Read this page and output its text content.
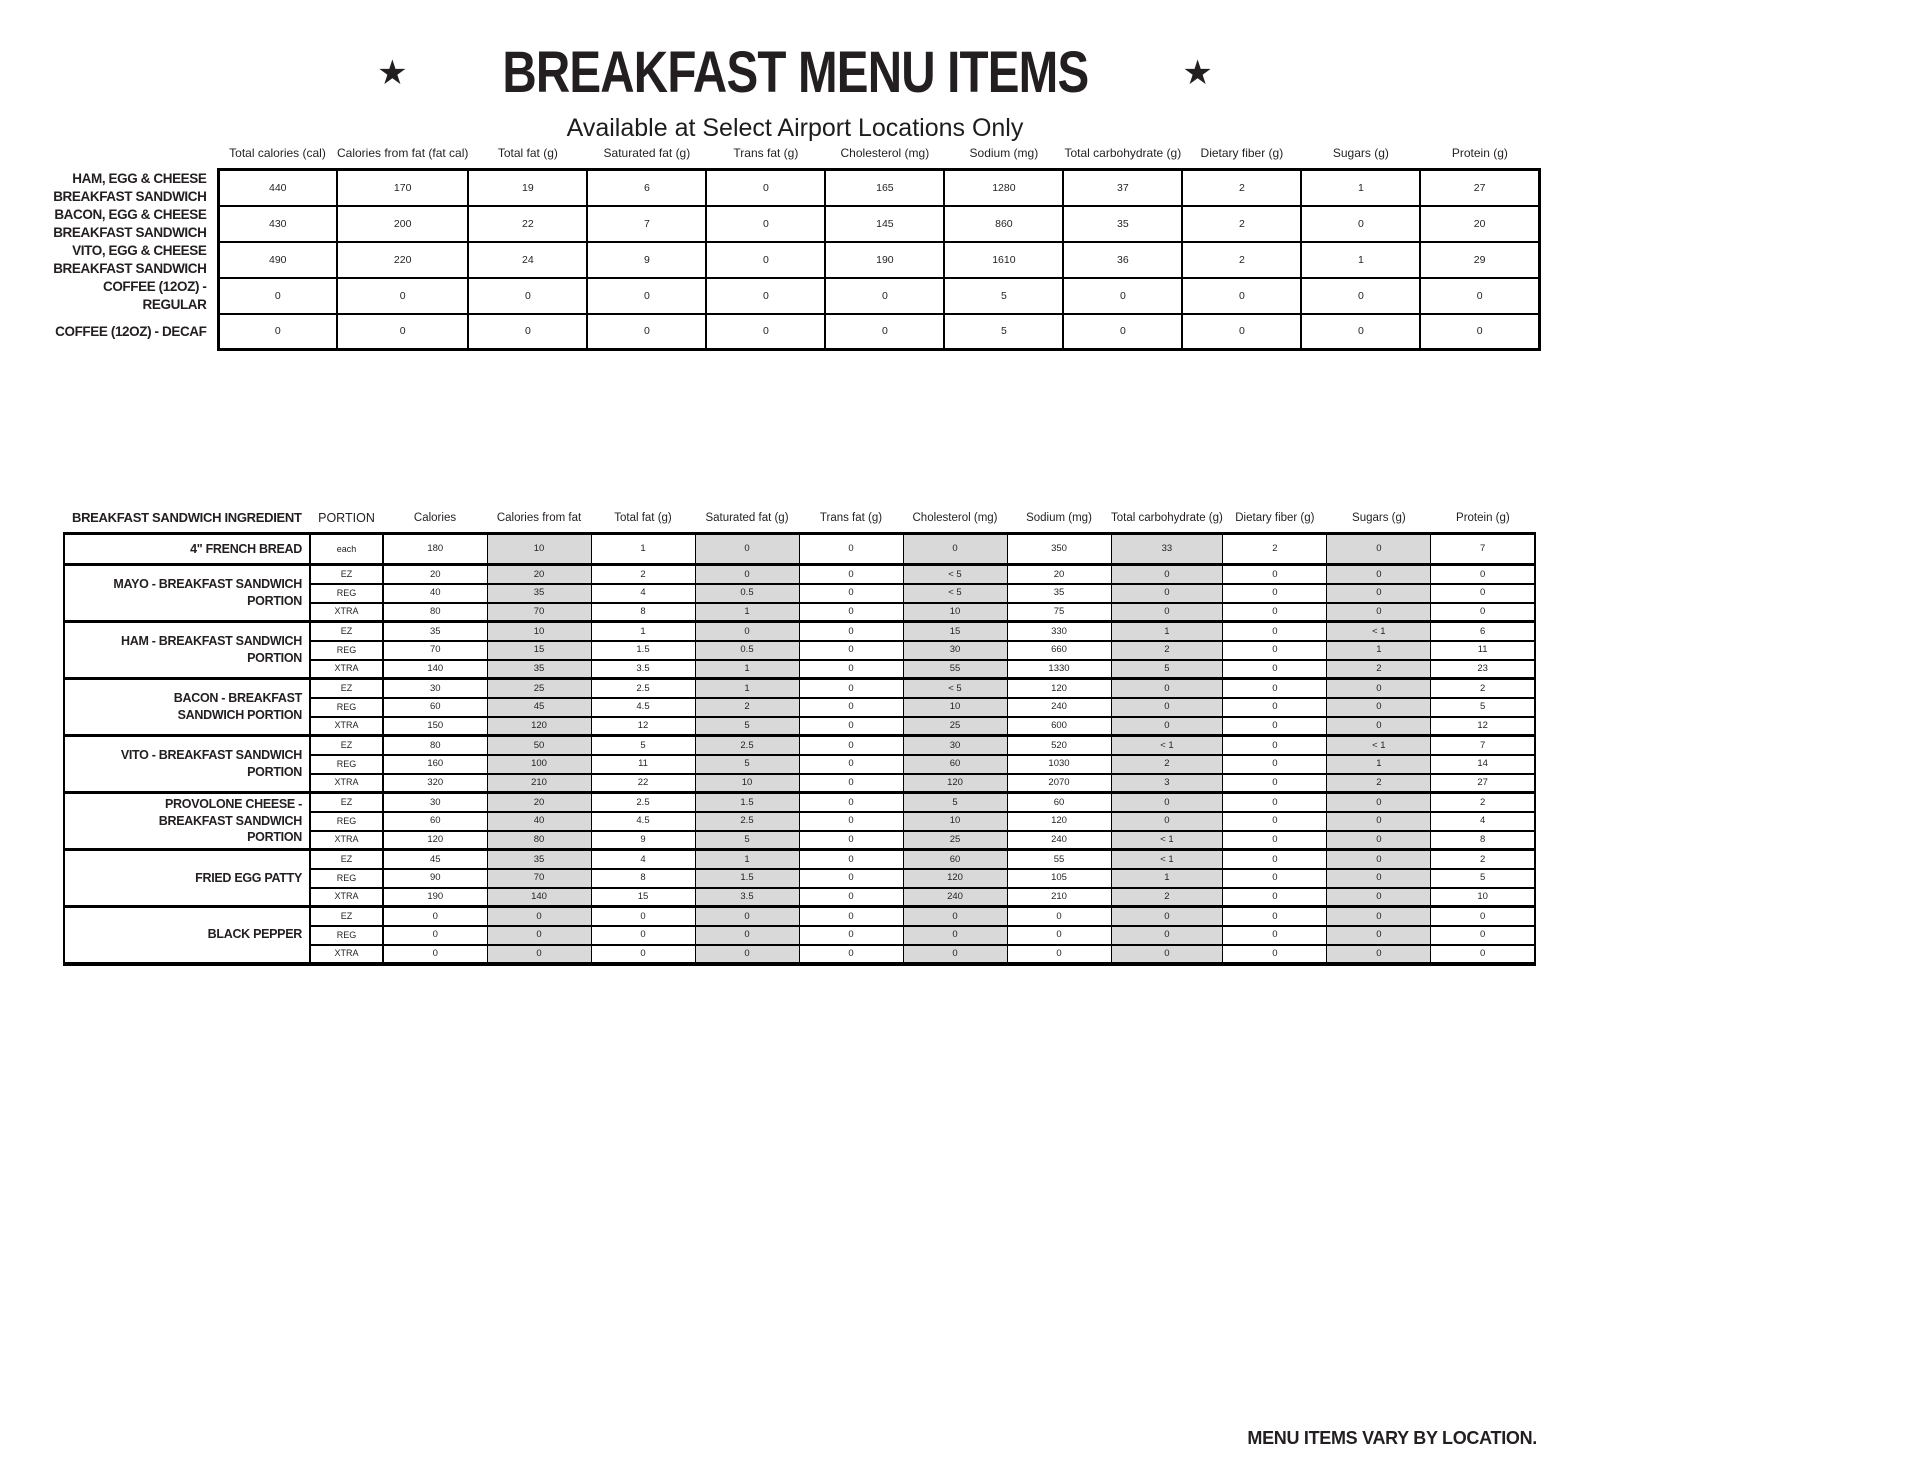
★ BREAKFAST MENU ITEMS	★
Available at Select Airport Locations Only
	Total calories (cal)	Calories from fat (fat cal)	Total fat (g)	Saturated fat (g)	Trans fat (g)	Cholesterol (mg)	Sodium (mg)	Total carbohydrate (g)	Dietary fiber (g)	Sugars (g)	Protein (g)
HAM, EGG & CHEESE BREAKFAST SANDWICH	440	170	19	6	0	165	1280	37	2	1	27
BACON, EGG & CHEESE BREAKFAST SANDWICH	430	200	22	7	0	145	860	35	2	0	20
VITO, EGG & CHEESE BREAKFAST SANDWICH	490	220	24	9	0	190	1610	36	2	1	29
COFFEE (12OZ) - REGULAR	0	0	0	0	0	0	5	0	0	0	0
COFFEE (12OZ) - DECAF	0	0	0	0	0	0	5	0	0	0	0
BREAKFAST SANDWICH INGREDIENT	PORTION	Calories	Calories from fat	Total fat (g)	Saturated fat (g)	Trans fat (g)	Cholesterol (mg)	Sodium (mg)	Total carbohydrate (g)	Dietary fiber (g)	Sugars (g)	Protein (g)
4" FRENCH BREAD	each	180	10	1	0	0	0	350	33	2	0	7
MAYO - BREAKFAST SANDWICH PORTION	EZ	20	20	2	0	0	< 5	20	0	0	0	0
	REG	40	35	4	0.5	0	< 5	35	0	0	0	0
	XTRA	80	70	8	1	0	10	75	0	0	0	0
HAM - BREAKFAST SANDWICH PORTION	EZ	35	10	1	0	0	15	330	1	0	< 1	6
	REG	70	15	1.5	0.5	0	30	660	2	0	1	11
	XTRA	140	35	3.5	1	0	55	1330	5	0	2	23
BACON - BREAKFAST SANDWICH PORTION	EZ	30	25	2.5	1	0	< 5	120	0	0	0	2
	REG	60	45	4.5	2	0	10	240	0	0	0	5
	XTRA	150	120	12	5	0	25	600	0	0	0	12
VITO - BREAKFAST SANDWICH PORTION	EZ	80	50	5	2.5	0	30	520	< 1	0	< 1	7
	REG	160	100	11	5	0	60	1030	2	0	1	14
	XTRA	320	210	22	10	0	120	2070	3	0	2	27
PROVOLONE CHEESE - BREAKFAST SANDWICH PORTION	EZ	30	20	2.5	1.5	0	5	60	0	0	0	2
	REG	60	40	4.5	2.5	0	10	120	0	0	0	4
	XTRA	120	80	9	5	0	25	240	< 1	0	0	8
FRIED EGG PATTY	EZ	45	35	4	1	0	60	55	< 1	0	0	2
	REG	90	70	8	1.5	0	120	105	1	0	0	5
	XTRA	190	140	15	3.5	0	240	210	2	0	0	10
BLACK PEPPER	EZ	0	0	0	0	0	0	0	0	0	0	0
	REG	0	0	0	0	0	0	0	0	0	0	0
	XTRA	0	0	0	0	0	0	0	0	0	0	0
MENU ITEMS VARY BY LOCATION.
